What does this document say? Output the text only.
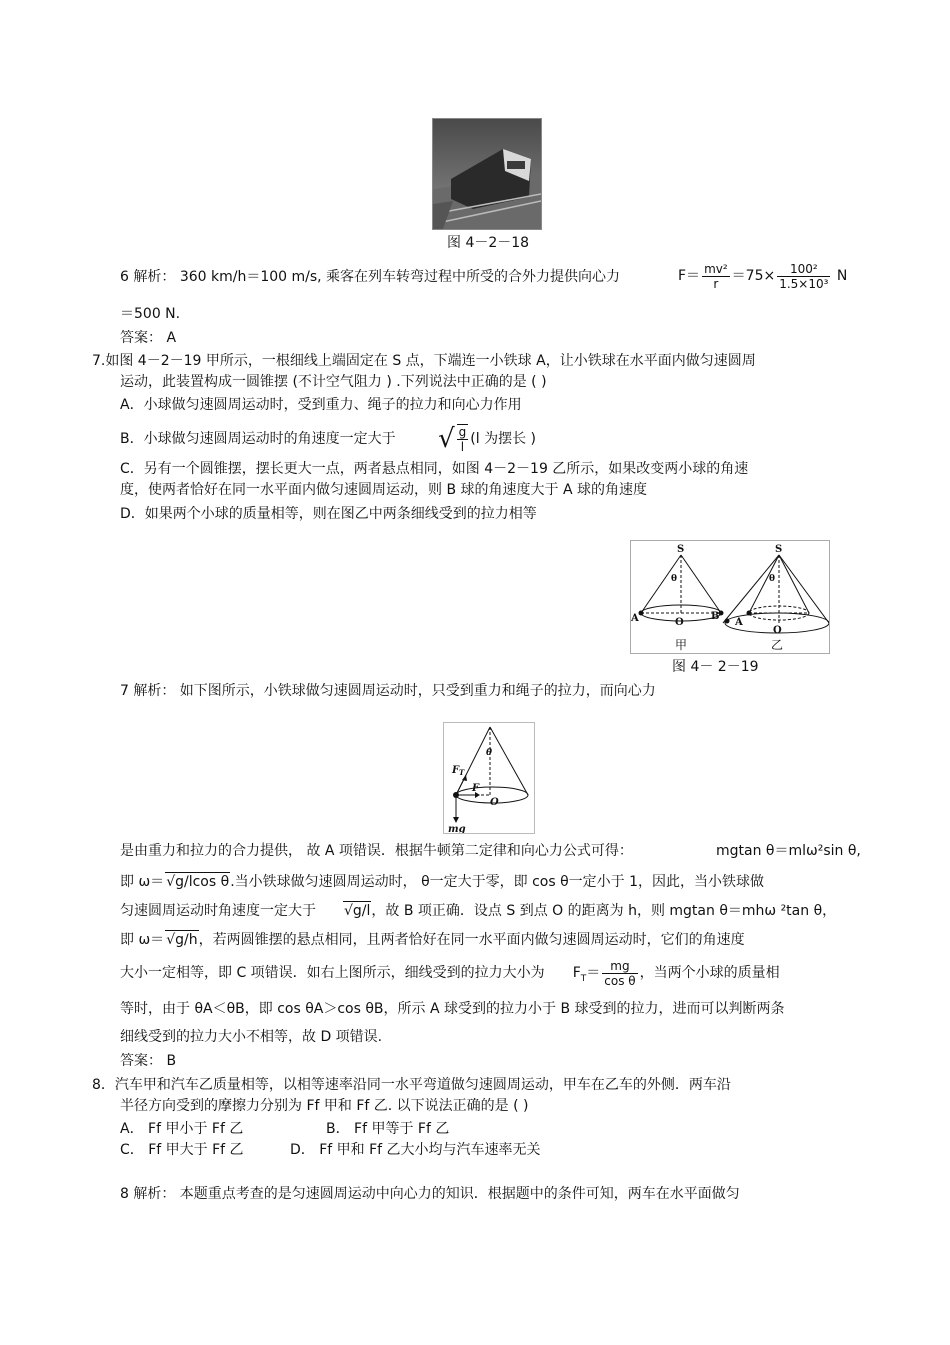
图 4－2－18
6 解析： 360 km/h＝100 m/s, 乘客在列车转弯过程中所受的合外力提供向心力	$F= \frac{\text{mv²}}{r} =75\times \frac{\text{100²}}{\text{1.5×10³}}$ N
＝500 N.
答案： A
7.如图 4－2－19 甲所示，一根细线上端固定在 S 点，下端连一小铁球 A，让小铁球在水平面内做匀速圆周
运动，此装置构成一圆锥摆 (不计空气阻力 ) .下列说法中正确的是 ( )
A．小球做匀速圆周运动时，受到重力、绳子的拉力和向心力作用
B．小球做匀速圆周运动时的角速度一定大于 √ $\frac{g}{l} (l$ 为摆长 )
C．另有一个圆锥摆，摆长更大一点，两者悬点相同，如图 4－2－19 乙所示，如果改变两小球的角速
度，使两者恰好在同一水平面内做匀速圆周运动，则 B 球的角速度大于 A 球的角速度
D．如果两个小球的质量相等，则在图乙中两条细线受到的拉力相等
S	S
θ	θ
A	B
O	A
O
甲	乙
图 4－ 2－19
7 解析： 如下图所示，小铁球做匀速圆周运动时，只受到重力和绳子的拉力，而向心力
θ
F T
F
O
mg
是由重力和拉力的合力提供， 故 A 项错误．根据牛顿第二定律和向心力公式可得：	mgtan θ＝mlω²sin θ,
即 ω＝ √ g/lcos θ.当小铁球做匀速圆周运动时， θ一定大于零，即 cos θ一定小于 1，因此，当小铁球做
匀速圆周运动时角速度一定大于	√ g/l，故 B 项正确．设点 S 到点 O 的距离为 h，则 mgtan θ＝mhω ²tan θ，
即 ω＝ √ g/h，若两圆锥摆的悬点相同，且两者恰好在同一水平面内做匀速圆周运动时，它们的角速度
大小一定相等，即 C 项错误．如右上图所示，细线受到的拉力大小为 $F_T= \frac{mg}{\text{cos θ}}$ ，当两个小球的质量相
等时，由于 θA＜θB，即 cos θA＞cos θB，所示 A 球受到的拉力小于 B 球受到的拉力，进而可以判断两条
细线受到的拉力大小不相等，故 D 项错误.
答案： B
8．汽车甲和汽车乙质量相等，以相等速率沿同一水平弯道做匀速圆周运动，甲车在乙车的外侧．两车沿
半径方向受到的摩擦力分别为 Ff 甲和 Ff 乙. 以下说法正确的是 ( )
A． Ff 甲小于 Ff 乙	B． Ff 甲等于 Ff 乙
C． Ff 甲大于 Ff 乙	D． Ff 甲和 Ff 乙大小均与汽车速率无关
8 解析： 本题重点考查的是匀速圆周运动中向心力的知识．根据题中的条件可知，两车在水平面做匀
